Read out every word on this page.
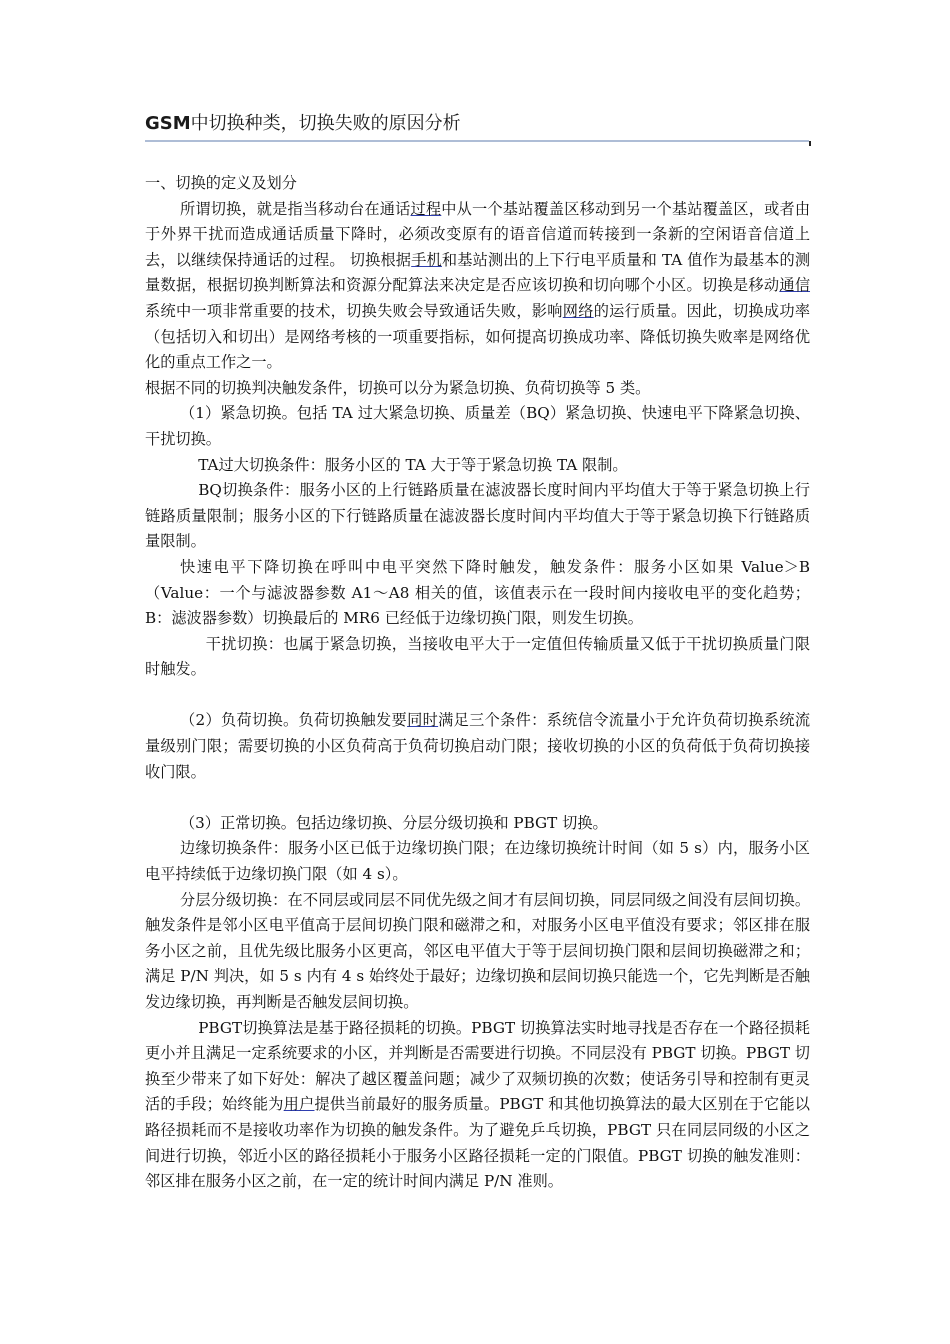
GSM中切换种类，切换失败的原因分析

一、切换的定义及划分

所谓切换，就是指当移动台在通话过程中从一个基站覆盖区移动到另一个基站覆盖区，或者由于外界干扰而造成通话质量下降时，必须改变原有的语音信道而转接到一条新的空闲语音信道上去，以继续保持通话的过程。 切换根据手机和基站测出的上下行电平质量和 TA 值作为最基本的测量数据，根据切换判断算法和资源分配算法来决定是否应该切换和切向哪个小区。切换是移动通信系统中一项非常重要的技术，切换失败会导致通话失败，影响网络的运行质量。因此，切换成功率（包括切入和切出）是网络考核的一项重要指标，如何提高切换成功率、降低切换失败率是网络优化的重点工作之一。

根据不同的切换判决触发条件，切换可以分为紧急切换、负荷切换等 5 类。

（1）紧急切换。包括 TA 过大紧急切换、质量差（BQ）紧急切换、快速电平下降紧急切换、干扰切换。

TA过大切换条件：服务小区的 TA 大于等于紧急切换 TA 限制。

BQ切换条件：服务小区的上行链路质量在滤波器长度时间内平均值大于等于紧急切换上行链路质量限制；服务小区的下行链路质量在滤波器长度时间内平均值大于等于紧急切换下行链路质量限制。

快速电平下降切换在呼叫中电平突然下降时触发，触发条件：服务小区如果 Value＞B（Value：一个与滤波器参数 A1～A8 相关的值，该值表示在一段时间内接收电平的变化趋势；B：滤波器参数）切换最后的 MR6 已经低于边缘切换门限，则发生切换。

干扰切换：也属于紧急切换，当接收电平大于一定值但传输质量又低于干扰切换质量门限时触发。

（2）负荷切换。负荷切换触发要同时满足三个条件：系统信令流量小于允许负荷切换系统流量级别门限；需要切换的小区负荷高于负荷切换启动门限；接收切换的小区的负荷低于负荷切换接收门限。

（3）正常切换。包括边缘切换、分层分级切换和 PBGT 切换。

边缘切换条件：服务小区已低于边缘切换门限；在边缘切换统计时间（如 5 s）内，服务小区电平持续低于边缘切换门限（如 4 s）。

分层分级切换：在不同层或同层不同优先级之间才有层间切换，同层同级之间没有层间切换。触发条件是邻小区电平值高于层间切换门限和磁滞之和，对服务小区电平值没有要求；邻区排在服务小区之前，且优先级比服务小区更高，邻区电平值大于等于层间切换门限和层间切换磁滞之和；满足 P/N 判决，如 5 s 内有 4 s 始终处于最好；边缘切换和层间切换只能选一个，它先判断是否触发边缘切换，再判断是否触发层间切换。

PBGT切换算法是基于路径损耗的切换。PBGT 切换算法实时地寻找是否存在一个路径损耗更小并且满足一定系统要求的小区，并判断是否需要进行切换。不同层没有 PBGT 切换。PBGT 切换至少带来了如下好处：解决了越区覆盖问题；减少了双频切换的次数；使话务引导和控制有更灵活的手段；始终能为用户提供当前最好的服务质量。PBGT 和其他切换算法的最大区别在于它能以路径损耗而不是接收功率作为切换的触发条件。为了避免乒乓切换，PBGT 只在同层同级的小区之间进行切换，邻近小区的路径损耗小于服务小区路径损耗一定的门限值。PBGT 切换的触发准则：邻区排在服务小区之前，在一定的统计时间内满足 P/N 准则。
